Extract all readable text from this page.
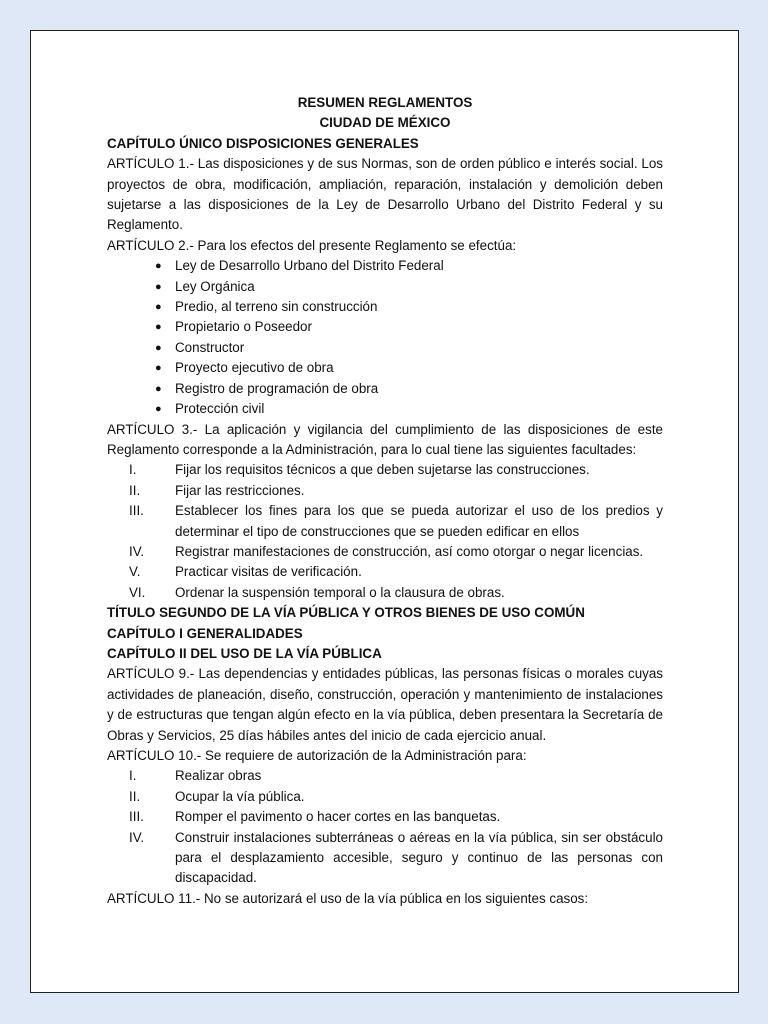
RESUMEN REGLAMENTOS

CIUDAD DE MÉXICO

CAPÍTULO ÚNICO DISPOSICIONES GENERALES

ARTÍCULO 1.- Las disposiciones y de sus Normas, son de orden público e interés social. Los proyectos de obra, modificación, ampliación, reparación, instalación y demolición deben sujetarse a las disposiciones de la Ley de Desarrollo Urbano del Distrito Federal y su Reglamento.

ARTÍCULO 2.- Para los efectos del presente Reglamento se efectúa:

● Ley de Desarrollo Urbano del Distrito Federal
● Ley Orgánica
● Predio, al terreno sin construcción
● Propietario o Poseedor
● Constructor
● Proyecto ejecutivo de obra
● Registro de programación de obra
● Protección civil

ARTÍCULO 3.- La aplicación y vigilancia del cumplimiento de las disposiciones de este Reglamento corresponde a la Administración, para lo cual tiene las siguientes facultades:

I.	Fijar los requisitos técnicos a que deben sujetarse las construcciones.
II.	Fijar las restricciones.
III. Establecer los fines para los que se pueda autorizar el uso de los predios y determinar el tipo de construcciones que se pueden edificar en ellos
IV. Registrar manifestaciones de construcción, así como otorgar o negar licencias.
V.	Practicar visitas de verificación.
VI. Ordenar la suspensión temporal o la clausura de obras.

TÍTULO SEGUNDO DE LA VÍA PÚBLICA Y OTROS BIENES DE USO COMÚN

CAPÍTULO I GENERALIDADES

CAPÍTULO II DEL USO DE LA VÍA PÚBLICA

ARTÍCULO 9.- Las dependencias y entidades públicas, las personas físicas o morales cuyas actividades de planeación, diseño, construcción, operación y mantenimiento de instalaciones y de estructuras que tengan algún efecto en la vía pública, deben presentara la Secretaría de Obras y Servicios, 25 días hábiles antes del inicio de cada ejercicio anual.

ARTÍCULO 10.- Se requiere de autorización de la Administración para:

I.	Realizar obras
II.	Ocupar la vía pública.
III. Romper el pavimento o hacer cortes en las banquetas.
IV. Construir instalaciones subterráneas o aéreas en la vía pública, sin ser obstáculo para el desplazamiento accesible, seguro y continuo de las personas con discapacidad.

ARTÍCULO 11.- No se autorizará el uso de la vía pública en los siguientes casos:
